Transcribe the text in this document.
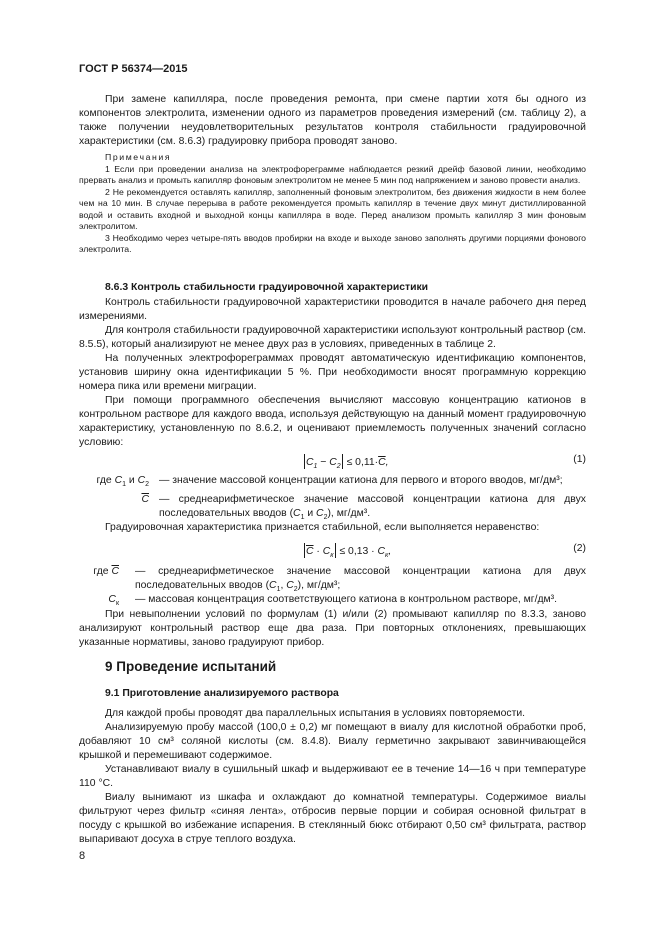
ГОСТ Р 56374—2015

При замене капилляра, после проведения ремонта, при смене партии хотя бы одного из компонентов электролита, изменении одного из параметров проведения измерений (см. таблицу 2), а также получении неудовлетворительных результатов контроля стабильности градуировочной характеристики (см. 8.6.3) градуировку прибора проводят заново.

Примечания

1 Если при проведении анализа на электрофореграмме наблюдается резкий дрейф базовой линии, необходимо прервать анализ и промыть капилляр фоновым электролитом не менее 5 мин под напряжением и заново провести анализ.

2 Не рекомендуется оставлять капилляр, заполненный фоновым электролитом, без движения жидкости в нем более чем на 10 мин. В случае перерыва в работе рекомендуется промыть капилляр в течение двух минут дистиллированной водой и оставить входной и выходной концы капилляра в воде. Перед анализом промыть капилляр 3 мин фоновым электролитом.

3 Необходимо через четыре-пять вводов пробирки на входе и выходе заново заполнять другими порциями фонового электролита.

8.6.3 Контроль стабильности градуировочной характеристики

Контроль стабильности градуировочной характеристики проводится в начале рабочего дня перед измерениями.

Для контроля стабильности градуировочной характеристики используют контрольный раствор (см. 8.5.5), который анализируют не менее двух раз в условиях, приведенных в таблице 2.

На полученных электрофореграммах проводят автоматическую идентификацию компонентов, установив ширину окна идентификации 5 %. При необходимости вносят программную коррекцию номера пика или времени миграции.

При помощи программного обеспечения вычисляют массовую концентрацию катионов в контрольном растворе для каждого ввода, используя действующую на данный момент градуировочную характеристику, установленную по 8.6.2, и оценивают приемлемость полученных значений согласно условию:

$C_1 - C_2 \le 0,11\cdot\overline{C}$,	(1)
где $C_1$ и $C_2$ — значение массовой концентрации катиона для первого и второго вводов, мг/дм³;
$\overline{C}$ — среднеарифметическое значение массовой концентрации катиона для двух последовательных вводов ($C_1$ и $C_2$), мг/дм³.

Градуировочная характеристика признается стабильной, если выполняется неравенство:

$\overline{C} \cdot C_к \le 0,13 \cdot C_к$,	(2)
где $\overline{C}$ — среднеарифметическое значение массовой концентрации катиона для двух последовательных вводов ($C_1$, $C_2$), мг/дм³;
$C_к$ — массовая концентрация соответствующего катиона в контрольном растворе, мг/дм³.

При невыполнении условий по формулам (1) и/или (2) промывают капилляр по 8.3.3, заново анализируют контрольный раствор еще два раза. При повторных отклонениях, превышающих указанные нормативы, заново градуируют прибор.

9 Проведение испытаний
9.1 Приготовление анализируемого раствора

Для каждой пробы проводят два параллельных испытания в условиях повторяемости.

Анализируемую пробу массой (100,0 ± 0,2) мг помещают в виалу для кислотной обработки проб, добавляют 10 см³ соляной кислоты (см. 8.4.8). Виалу герметично закрывают завинчивающейся крышкой и перемешивают содержимое.

Устанавливают виалу в сушильный шкаф и выдерживают ее в течение 14—16 ч при температуре 110 °С.

Виалу вынимают из шкафа и охлаждают до комнатной температуры. Содержимое виалы фильтруют через фильтр «синяя лента», отбросив первые порции и собирая основной фильтрат в посуду с крышкой во избежание испарения. В стеклянный бюкс отбирают 0,50 см³ фильтрата, раствор выпаривают досуха в струе теплого воздуха.

8
